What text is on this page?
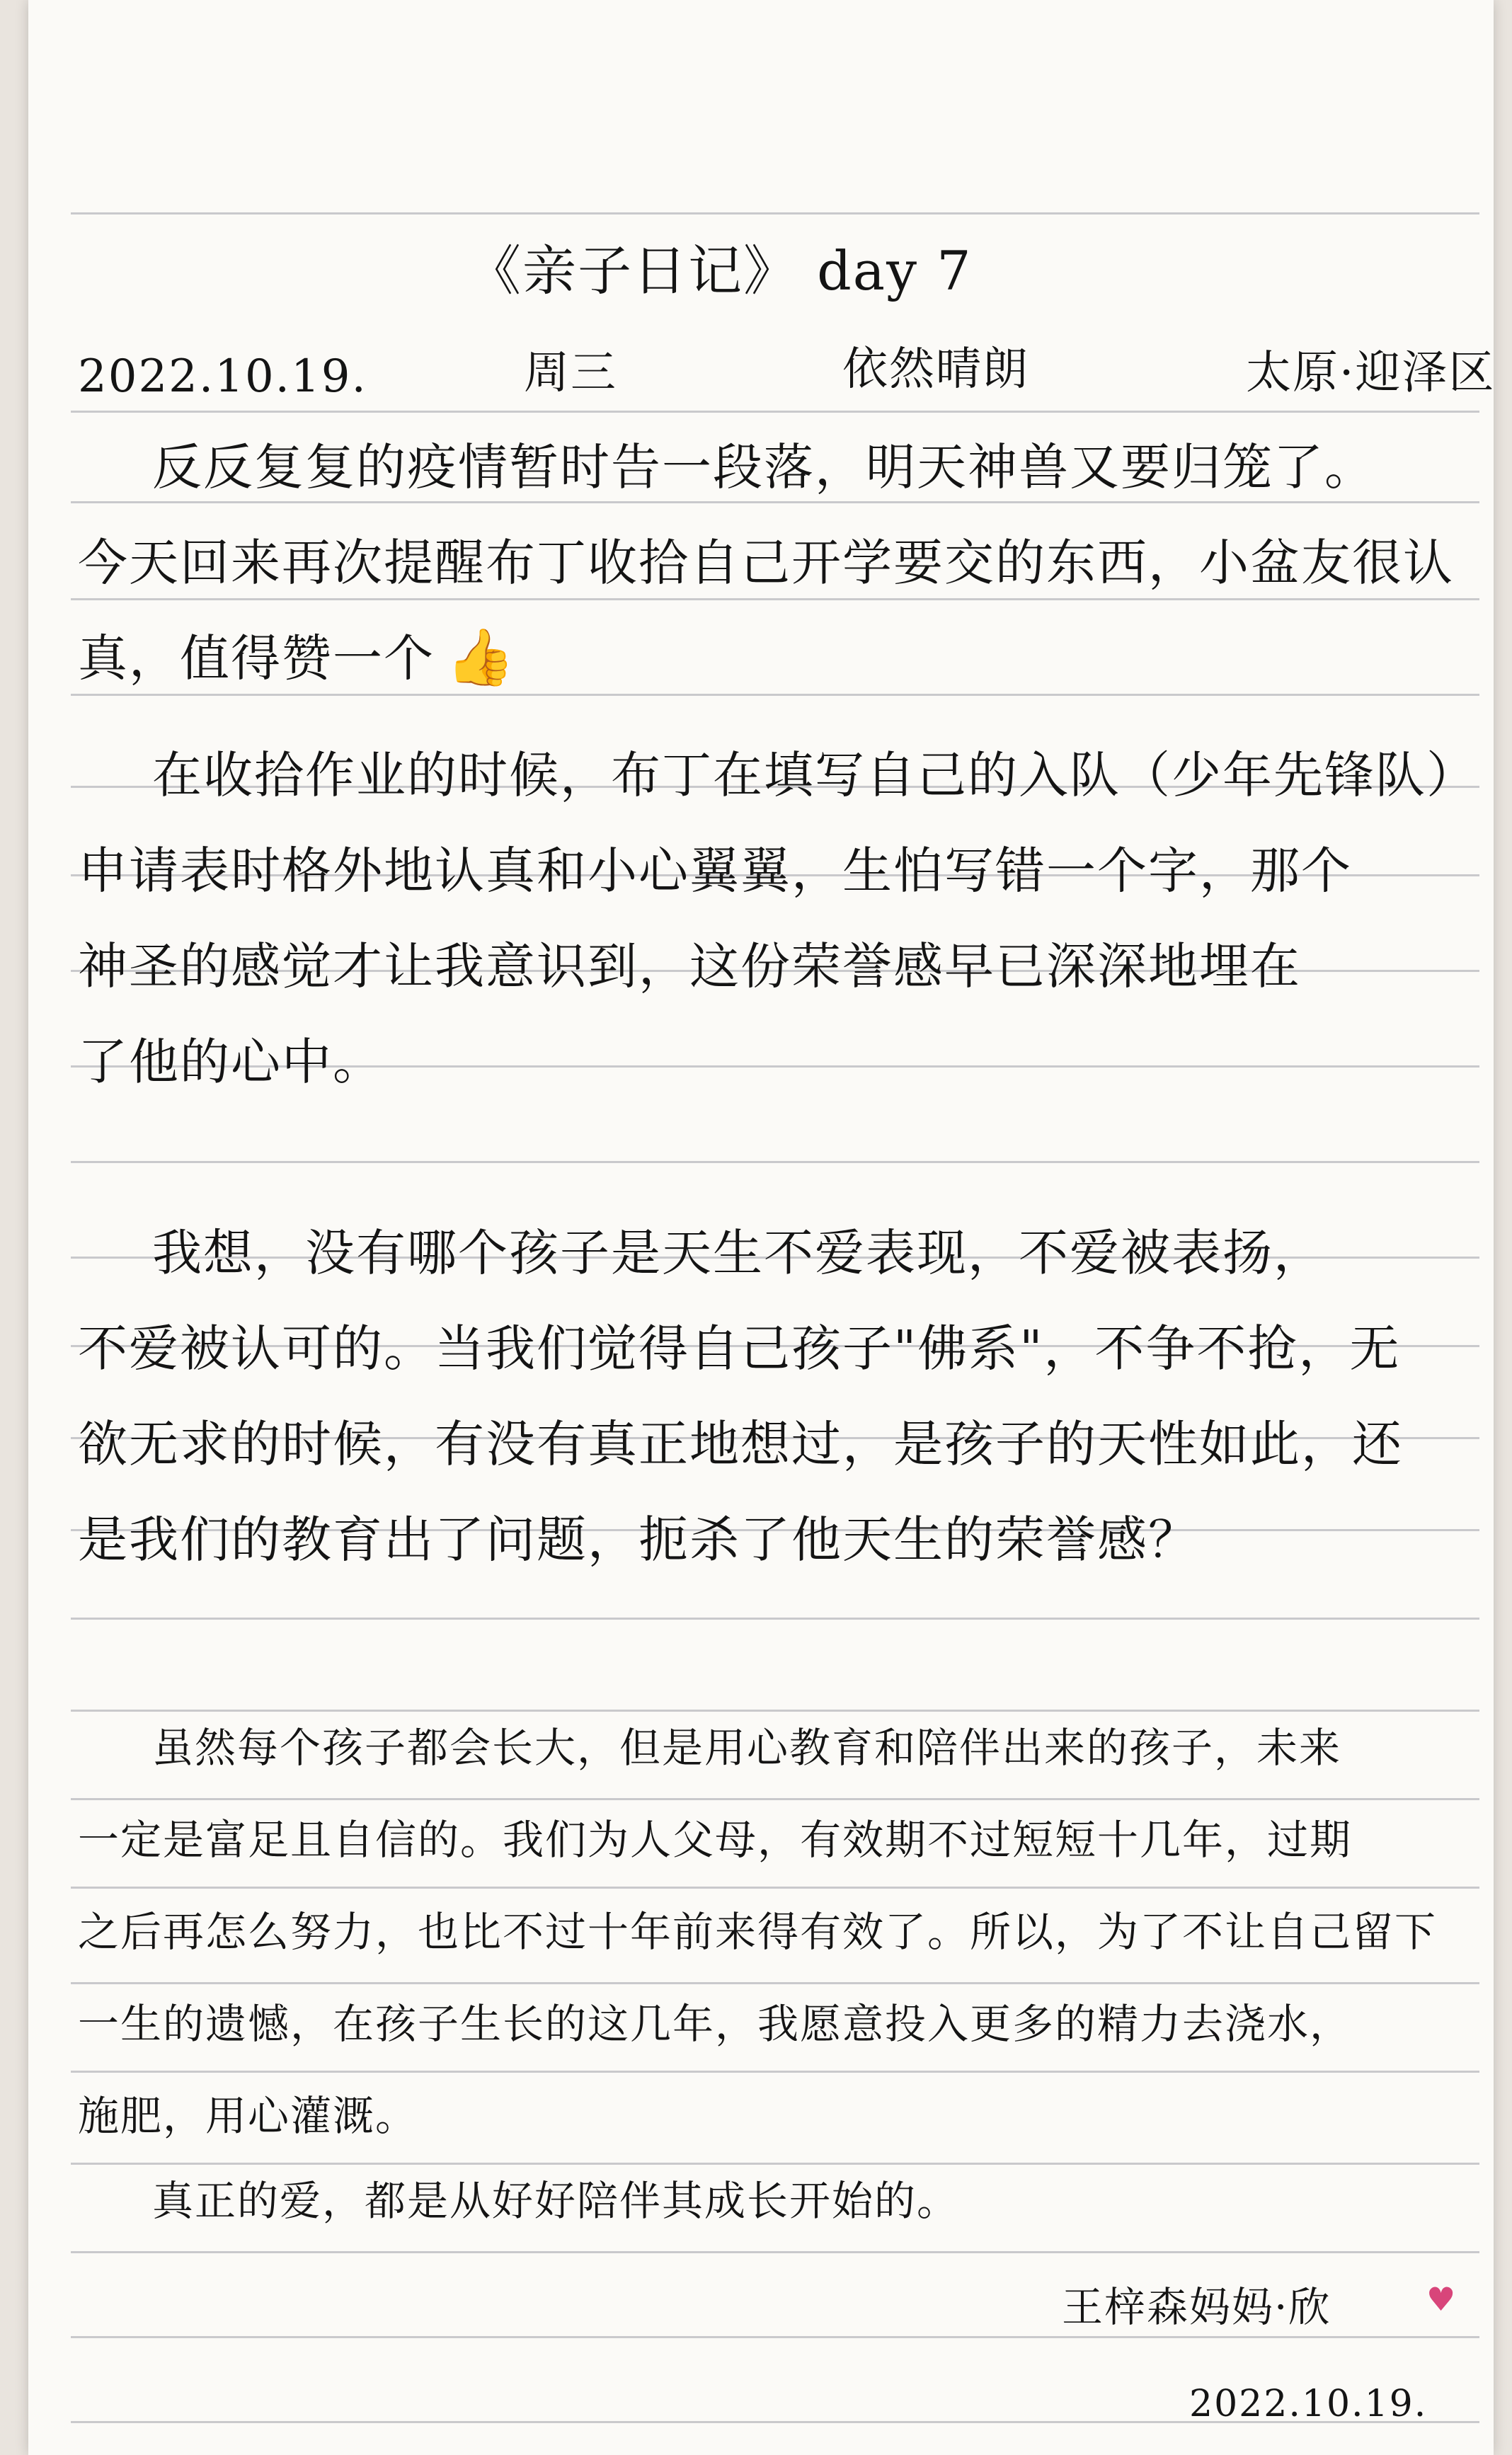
《亲子日记》 day 7
2022.10.19.	周三	依然晴朗	太原·迎泽区
反反复复的疫情暂时告一段落，明天神兽又要归笼了。
今天回来再次提醒布丁收拾自己开学要交的东西，小盆友很认
真，值得赞一个 👍
在收拾作业的时候，布丁在填写自己的入队（少年先锋队）
申请表时格外地认真和小心翼翼，生怕写错一个字，那个
神圣的感觉才让我意识到，这份荣誉感早已深深地埋在
了他的心中。
我想，没有哪个孩子是天生不爱表现，不爱被表扬，
不爱被认可的。当我们觉得自己孩子"佛系"，不争不抢，无
欲无求的时候，有没有真正地想过，是孩子的天性如此，还
是我们的教育出了问题，扼杀了他天生的荣誉感？
虽然每个孩子都会长大，但是用心教育和陪伴出来的孩子，未来
一定是富足且自信的。我们为人父母，有效期不过短短十几年，过期
之后再怎么努力，也比不过十年前来得有效了。所以，为了不让自己留下
一生的遗憾，在孩子生长的这几年，我愿意投入更多的精力去浇水，
施肥，用心灌溉。
真正的爱，都是从好好陪伴其成长开始的。
王梓森妈妈·欣	♥
2022.10.19.
